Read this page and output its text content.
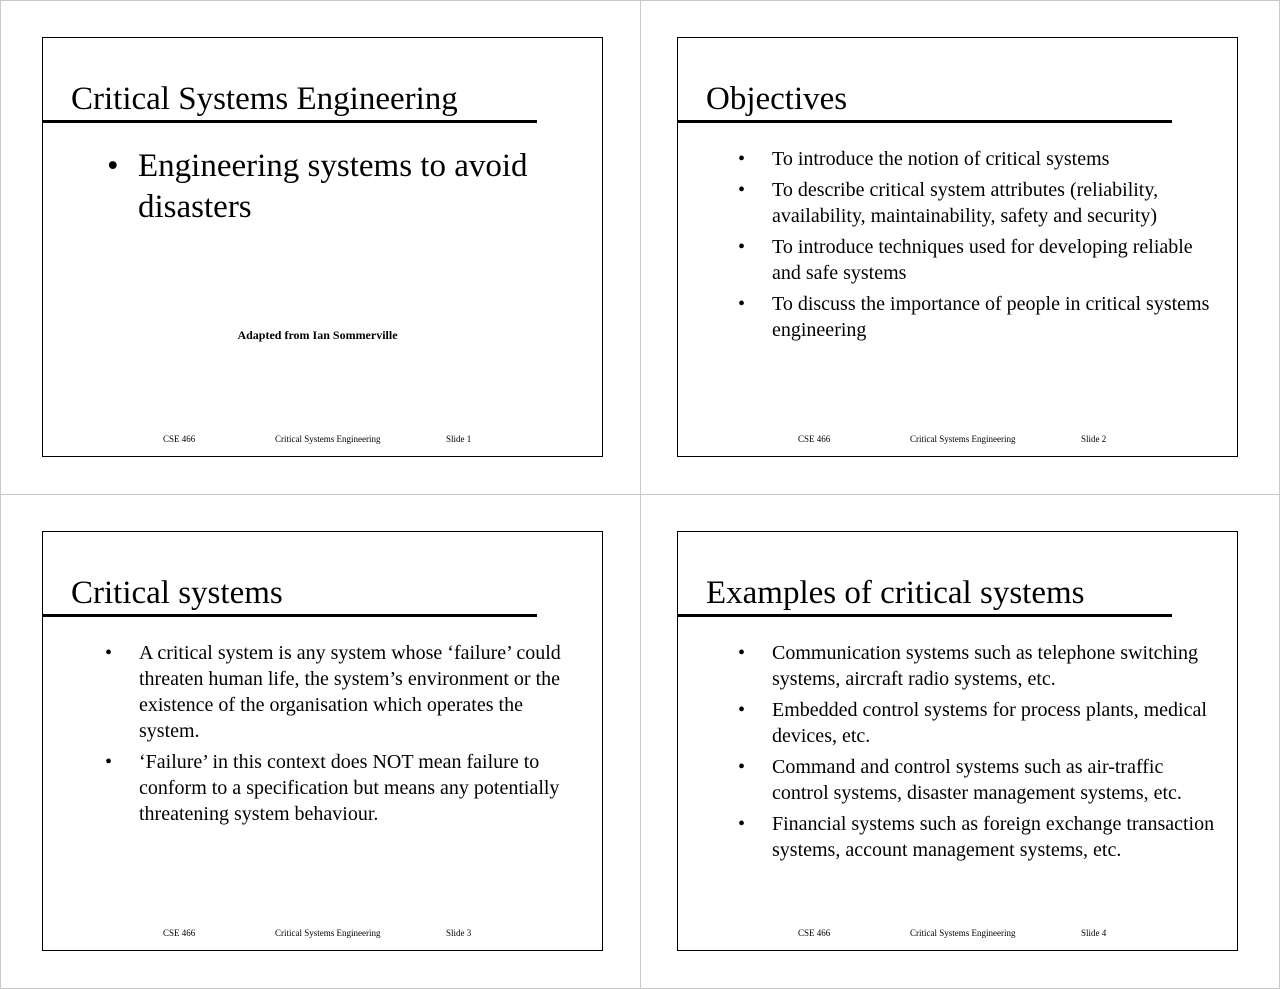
Critical Systems Engineering
• Engineering systems to avoid disasters
Adapted from Ian Sommerville
CSE 466	Critical Systems Engineering	Slide 1
Objectives
• To introduce the notion of critical systems
• To describe critical system attributes (reliability, availability, maintainability, safety and security)
• To introduce techniques used for developing reliable and safe systems
• To discuss the importance of people in critical systems engineering
CSE 466	Critical Systems Engineering	Slide 2
Critical systems
• A critical system is any system whose ‘failure’ could threaten human life, the system’s environment or the existence of the organisation which operates the system.
• ‘Failure’ in this context does NOT mean failure to conform to a specification but means any potentially threatening system behaviour.
CSE 466	Critical Systems Engineering	Slide 3
Examples of critical systems
• Communication systems such as telephone switching systems, aircraft radio systems, etc.
• Embedded control systems for process plants, medical devices, etc.
• Command and control systems such as air-traffic control systems, disaster management systems, etc.
• Financial systems such as foreign exchange transaction systems, account management systems, etc.
CSE 466	Critical Systems Engineering	Slide 4
